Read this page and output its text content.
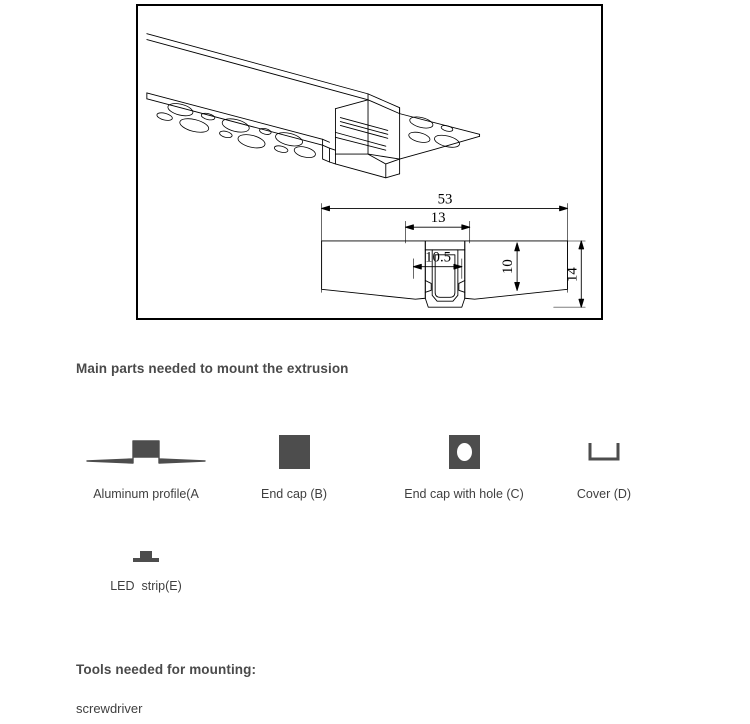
53
13
10.5
10
14
Main parts needed to mount the extrusion
Aluminum profile(A	End cap (B)	End cap with hole (C)	Cover (D)
LED  strip(E)
Tools needed for mounting:
screwdriver
